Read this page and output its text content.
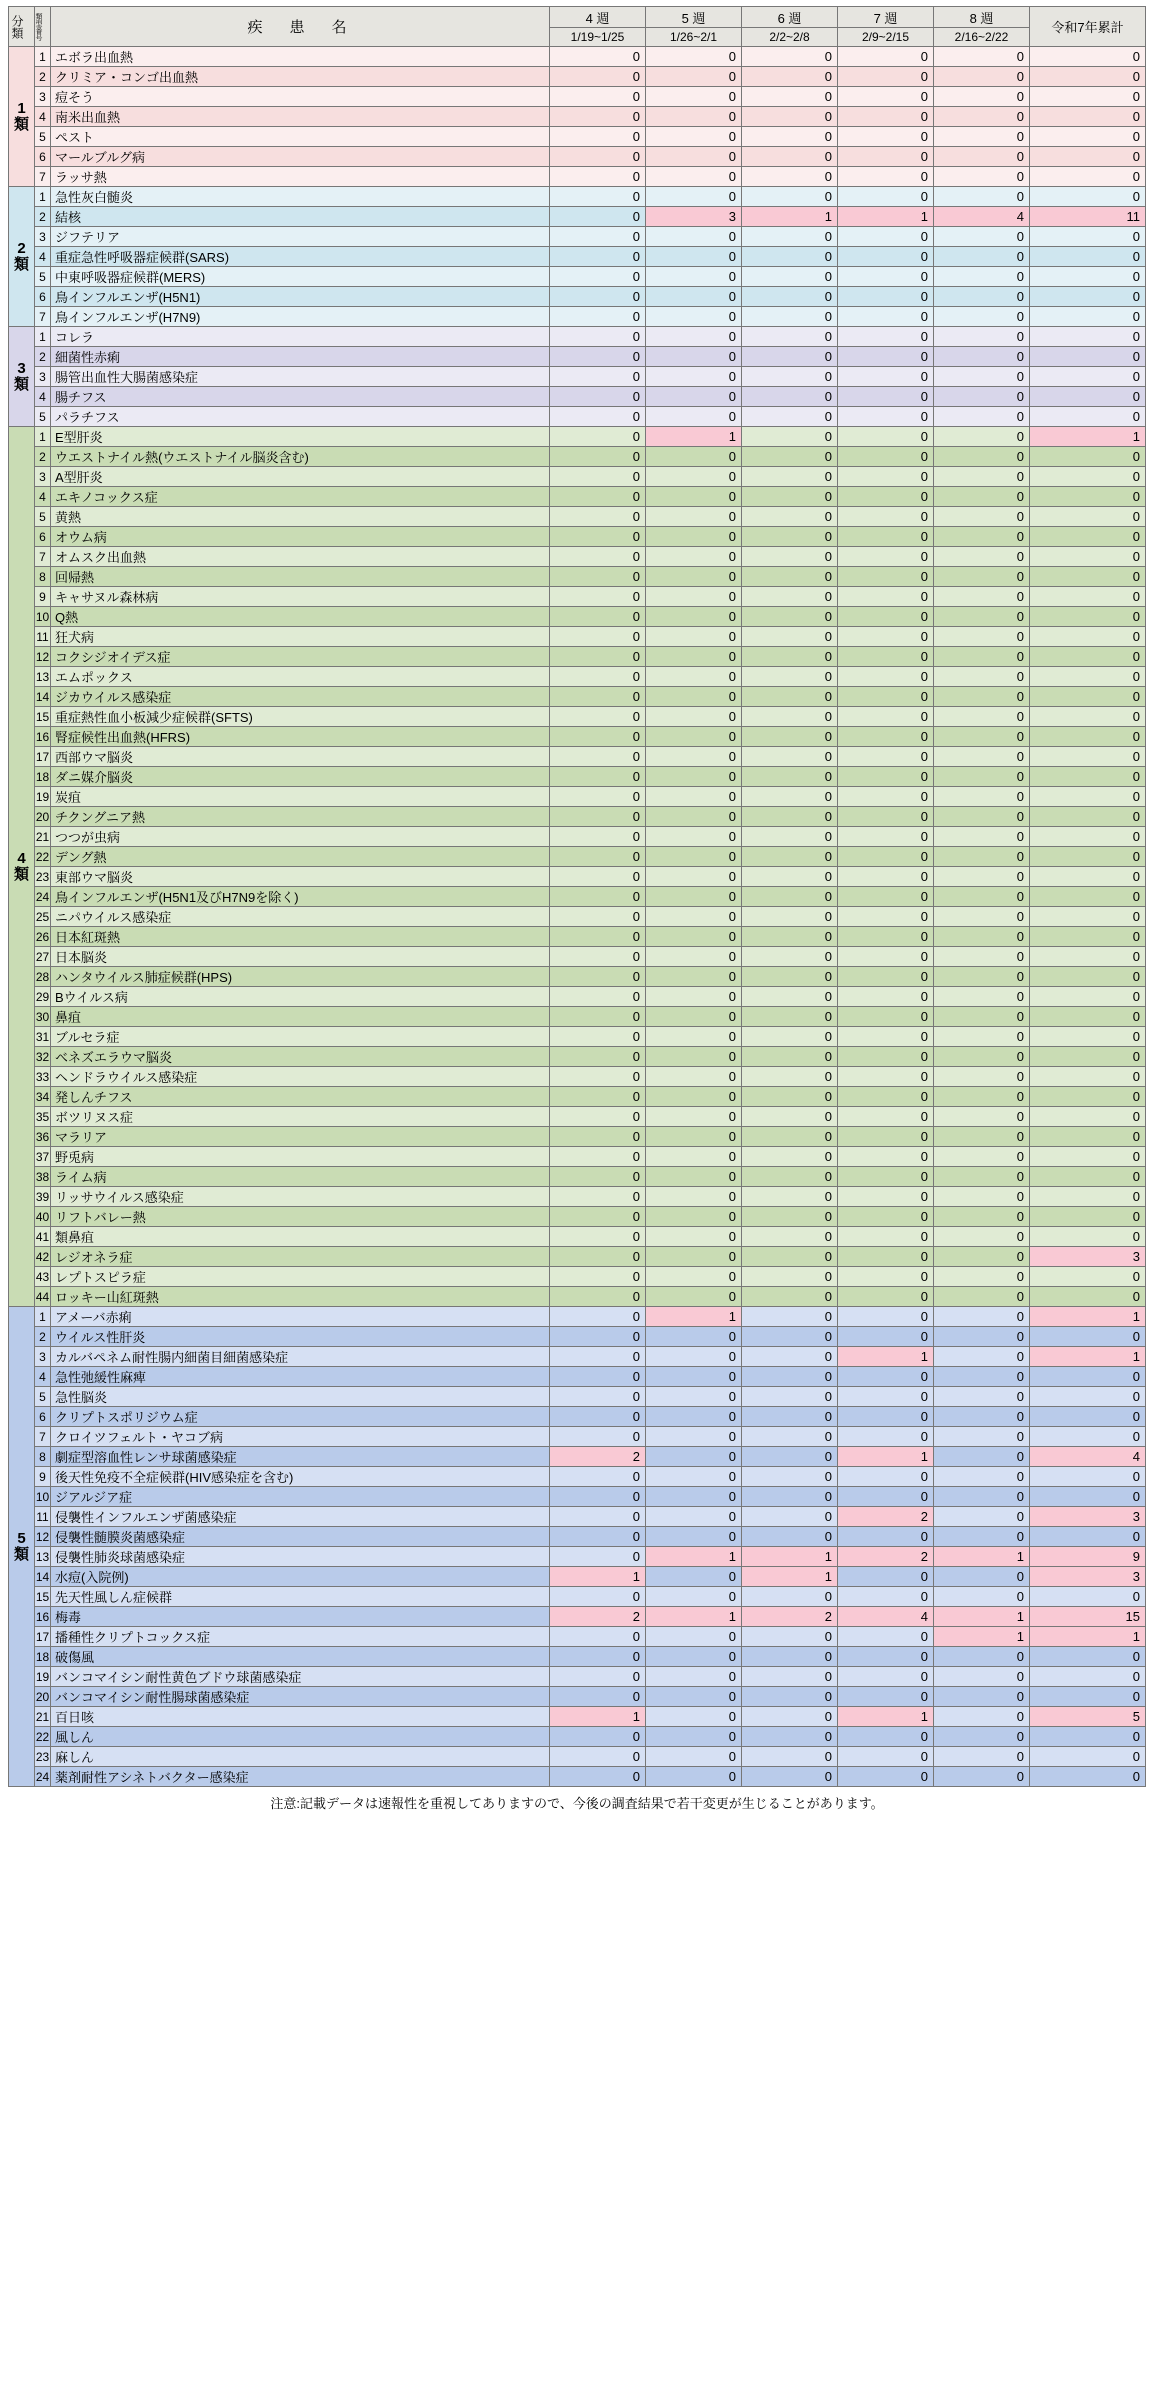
分類	類型番号	疾　患　名	4 週	5 週	6 週	7 週	8 週	令和7年累計
			1/19~1/25	1/26~2/1	2/2~2/8	2/9~2/15	2/16~2/22	

1
類	1	エボラ出血熱	0	0	0	0	0	0
	2	クリミア・コンゴ出血熱	0	0	0	0	0	0
	3	痘そう	0	0	0	0	0	0
	4	南米出血熱	0	0	0	0	0	0
	5	ペスト	0	0	0	0	0	0
	6	マールブルグ病	0	0	0	0	0	0
	7	ラッサ熱	0	0	0	0	0	0

2
類	1	急性灰白髄炎	0	0	0	0	0	0
	2	結核	0	3	1	1	4	11
	3	ジフテリア	0	0	0	0	0	0
	4	重症急性呼吸器症候群(SARS)	0	0	0	0	0	0
	5	中東呼吸器症候群(MERS)	0	0	0	0	0	0
	6	鳥インフルエンザ(H5N1)	0	0	0	0	0	0
	7	鳥インフルエンザ(H7N9)	0	0	0	0	0	0

3
類	1	コレラ	0	0	0	0	0	0
	2	細菌性赤痢	0	0	0	0	0	0
	3	腸管出血性大腸菌感染症	0	0	0	0	0	0
	4	腸チフス	0	0	0	0	0	0
	5	パラチフス	0	0	0	0	0	0

4
類	1	E型肝炎	0	1	0	0	0	1
	2	ウエストナイル熱(ウエストナイル脳炎含む)	0	0	0	0	0	0
	3	A型肝炎	0	0	0	0	0	0
	4	エキノコックス症	0	0	0	0	0	0
	5	黄熱	0	0	0	0	0	0
	6	オウム病	0	0	0	0	0	0
	7	オムスク出血熱	0	0	0	0	0	0
	8	回帰熱	0	0	0	0	0	0
	9	キャサヌル森林病	0	0	0	0	0	0
	10	Q熱	0	0	0	0	0	0
	11	狂犬病	0	0	0	0	0	0
	12	コクシジオイデス症	0	0	0	0	0	0
	13	エムポックス	0	0	0	0	0	0
	14	ジカウイルス感染症	0	0	0	0	0	0
	15	重症熱性血小板減少症候群(SFTS)	0	0	0	0	0	0
	16	腎症候性出血熱(HFRS)	0	0	0	0	0	0
	17	西部ウマ脳炎	0	0	0	0	0	0
	18	ダニ媒介脳炎	0	0	0	0	0	0
	19	炭疽	0	0	0	0	0	0
	20	チクングニア熱	0	0	0	0	0	0
	21	つつが虫病	0	0	0	0	0	0
	22	デング熱	0	0	0	0	0	0
	23	東部ウマ脳炎	0	0	0	0	0	0
	24	鳥インフルエンザ(H5N1及びH7N9を除く)	0	0	0	0	0	0
	25	ニパウイルス感染症	0	0	0	0	0	0
	26	日本紅斑熱	0	0	0	0	0	0
	27	日本脳炎	0	0	0	0	0	0
	28	ハンタウイルス肺症候群(HPS)	0	0	0	0	0	0
	29	Bウイルス病	0	0	0	0	0	0
	30	鼻疽	0	0	0	0	0	0
	31	ブルセラ症	0	0	0	0	0	0
	32	ベネズエラウマ脳炎	0	0	0	0	0	0
	33	ヘンドラウイルス感染症	0	0	0	0	0	0
	34	発しんチフス	0	0	0	0	0	0
	35	ボツリヌス症	0	0	0	0	0	0
	36	マラリア	0	0	0	0	0	0
	37	野兎病	0	0	0	0	0	0
	38	ライム病	0	0	0	0	0	0
	39	リッサウイルス感染症	0	0	0	0	0	0
	40	リフトバレー熱	0	0	0	0	0	0
	41	類鼻疽	0	0	0	0	0	0
	42	レジオネラ症	0	0	0	0	0	3
	43	レプトスピラ症	0	0	0	0	0	0
	44	ロッキー山紅斑熱	0	0	0	0	0	0

5
類	1	アメーバ赤痢	0	1	0	0	0	1
	2	ウイルス性肝炎	0	0	0	0	0	0
	3	カルバペネム耐性腸内細菌目細菌感染症	0	0	0	1	0	1
	4	急性弛緩性麻痺	0	0	0	0	0	0
	5	急性脳炎	0	0	0	0	0	0
	6	クリプトスポリジウム症	0	0	0	0	0	0
	7	クロイツフェルト・ヤコブ病	0	0	0	0	0	0
	8	劇症型溶血性レンサ球菌感染症	2	0	0	1	0	4
	9	後天性免疫不全症候群(HIV感染症を含む)	0	0	0	0	0	0
	10	ジアルジア症	0	0	0	0	0	0
	11	侵襲性インフルエンザ菌感染症	0	0	0	2	0	3
	12	侵襲性髄膜炎菌感染症	0	0	0	0	0	0
	13	侵襲性肺炎球菌感染症	0	1	1	2	1	9
	14	水痘(入院例)	1	0	1	0	0	3
	15	先天性風しん症候群	0	0	0	0	0	0
	16	梅毒	2	1	2	4	1	15
	17	播種性クリプトコックス症	0	0	0	0	1	1
	18	破傷風	0	0	0	0	0	0
	19	バンコマイシン耐性黄色ブドウ球菌感染症	0	0	0	0	0	0
	20	バンコマイシン耐性腸球菌感染症	0	0	0	0	0	0
	21	百日咳	1	0	0	1	0	5
	22	風しん	0	0	0	0	0	0
	23	麻しん	0	0	0	0	0	0
	24	薬剤耐性アシネトバクター感染症	0	0	0	0	0	0
注意:記載データは速報性を重視してありますので、今後の調査結果で若干変更が生じることがあります。
